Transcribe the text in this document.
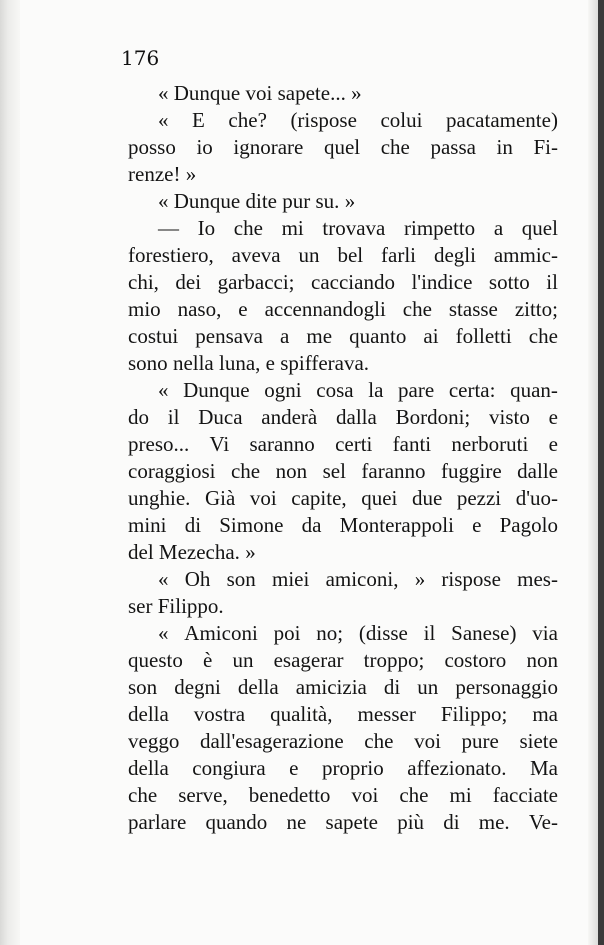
176
« Dunque voi sapete... »
« E che? (rispose colui pacatamente)
posso io ignorare quel che passa in Fi-
renze! »
« Dunque dite pur su. »
— Io che mi trovava rimpetto a quel
forestiero, aveva un bel farli degli ammic-
chi, dei garbacci; cacciando l'indice sotto il
mio naso, e accennandogli che stasse zitto;
costui pensava a me quanto ai folletti che
sono nella luna, e spifferava.
« Dunque ogni cosa la pare certa: quan-
do il Duca anderà dalla Bordoni; visto e
preso... Vi saranno certi fanti nerboruti e
coraggiosi che non sel faranno fuggire dalle
unghie. Già voi capite, quei due pezzi d'uo-
mini di Simone da Monterappoli e Pagolo
del Mezecha. »
« Oh son miei amiconi, » rispose mes-
ser Filippo.
« Amiconi poi no; (disse il Sanese) via
questo è un esagerar troppo; costoro non
son degni della amicizia di un personaggio
della vostra qualità, messer Filippo; ma
veggo dall'esagerazione che voi pure siete
della congiura e proprio affezionato. Ma
che serve, benedetto voi che mi facciate
parlare quando ne sapete più di me. Ve-
